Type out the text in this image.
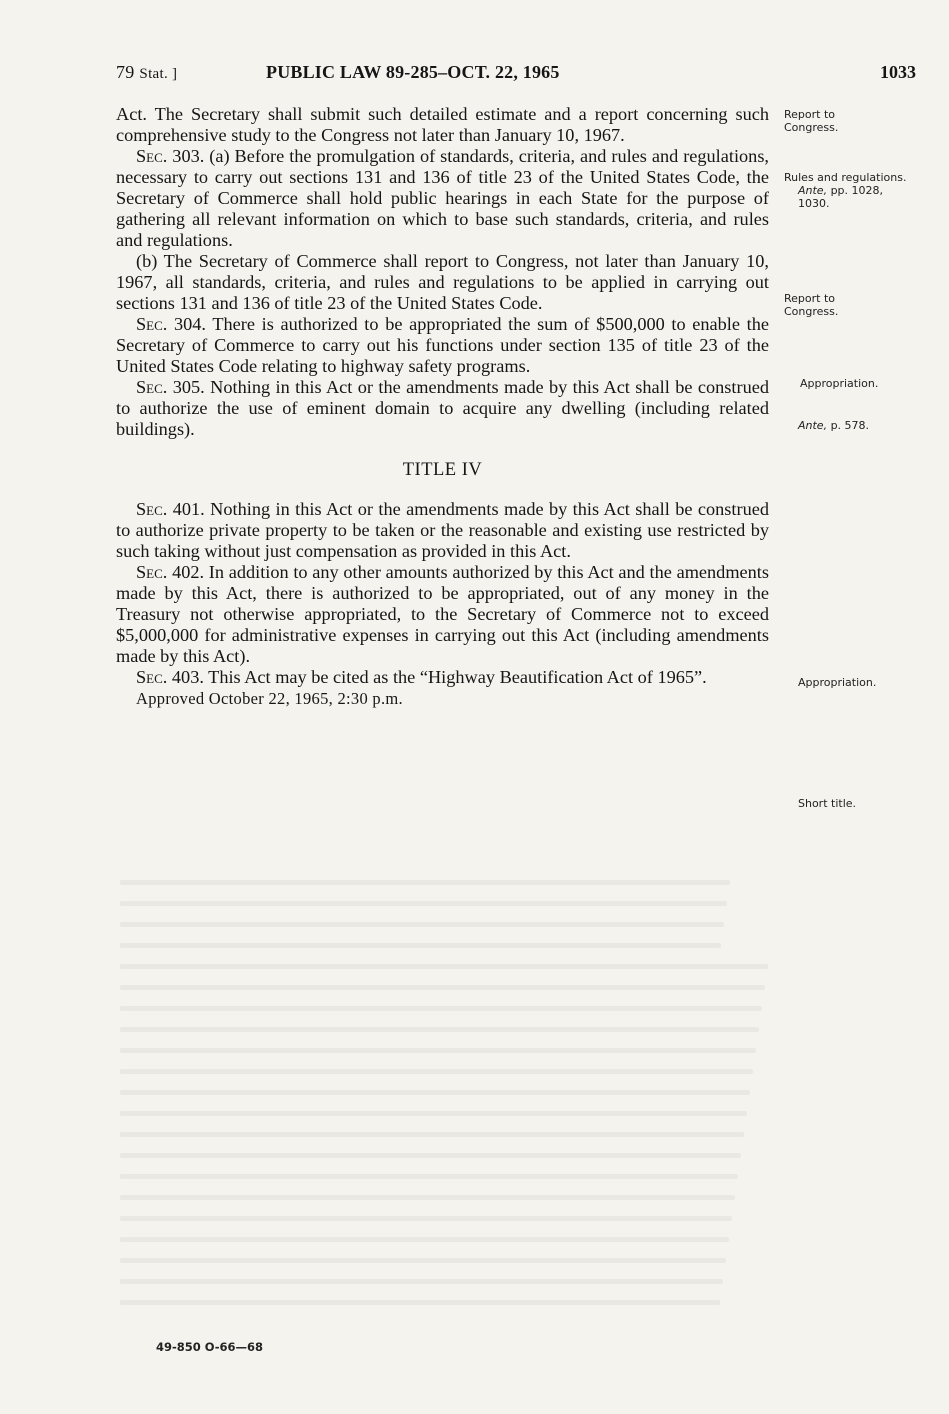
79 Stat. ]	PUBLIC LAW 89-285–OCT. 22, 1965	1033

Act. The Secretary shall submit such detailed estimate and a report concerning such comprehensive study to the Congress not later than January 10, 1967.

Sec. 303. (a) Before the promulgation of standards, criteria, and rules and regulations, necessary to carry out sections 131 and 136 of title 23 of the United States Code, the Secretary of Commerce shall hold public hearings in each State for the purpose of gathering all relevant information on which to base such standards, criteria, and rules and regulations.

(b) The Secretary of Commerce shall report to Congress, not later than January 10, 1967, all standards, criteria, and rules and regulations to be applied in carrying out sections 131 and 136 of title 23 of the United States Code.

Sec. 304. There is authorized to be appropriated the sum of $500,000 to enable the Secretary of Commerce to carry out his functions under section 135 of title 23 of the United States Code relating to highway safety programs.

Sec. 305. Nothing in this Act or the amendments made by this Act shall be construed to authorize the use of eminent domain to acquire any dwelling (including related buildings).

TITLE IV

Sec. 401. Nothing in this Act or the amendments made by this Act shall be construed to authorize private property to be taken or the reasonable and existing use restricted by such taking without just compensation as provided in this Act.

Sec. 402. In addition to any other amounts authorized by this Act and the amendments made by this Act, there is authorized to be appropriated, out of any money in the Treasury not otherwise appropriated, to the Secretary of Commerce not to exceed $5,000,000 for administrative expenses in carrying out this Act (including amendments made by this Act).

Sec. 403. This Act may be cited as the “Highway Beautification Act of 1965”.

Approved October 22, 1965, 2:30 p.m.

Report to Congress.
Rules and regulations.
Ante, pp. 1028, 1030.
Report to Congress.
Appropriation.
Ante, p. 578.
Appropriation.
Short title.
49-850 O-66—68
